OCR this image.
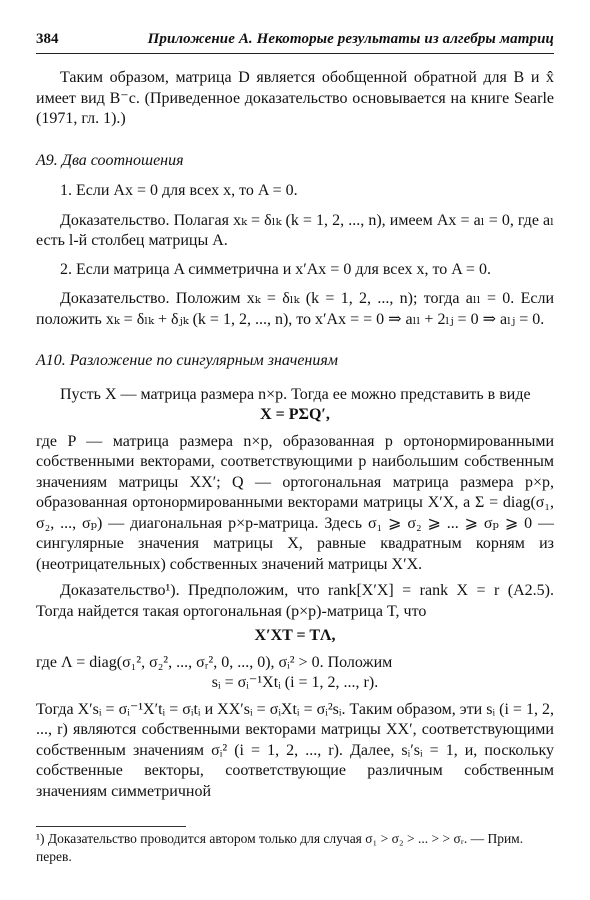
384	Приложение А. Некоторые результаты из алгебры матриц

Таким образом, матрица D является обобщенной обратной для B и x̂ имеет вид B⁻c. (Приведенное доказательство основывается на книге Searle (1971, гл. 1).)

A9. Два соотношения

1. Если Ax = 0 для всех x, то A = 0.

Доказательство. Полагая xₖ = δₗₖ (k = 1, 2, ..., n), имеем Ax = aₗ = 0, где aₗ есть l-й столбец матрицы A.

2. Если матрица A симметрична и x′Ax = 0 для всех x, то A = 0.

Доказательство. Положим xₖ = δₗₖ (k = 1, 2, ..., n); тогда aₗₗ = 0. Если положить xₖ = δₗₖ + δⱼₖ (k = 1, 2, ..., n), то x′Ax = = 0 ⇒ aₗₗ + 2ₗⱼ = 0 ⇒ aₗⱼ = 0.

A10. Разложение по сингулярным значениям

Пусть X — матрица размера n×p. Тогда ее можно представить в виде

X = PΣQ′,

где P — матрица размера n×p, образованная p ортонормированными собственными векторами, соответствующими p наибольшим собственным значениям матрицы XX′; Q — ортогональная матрица размера p×p, образованная ортонормированными векторами матрицы X′X, а Σ = diag(σ₁, σ₂, ..., σₚ) — диагональная p×p-матрица. Здесь σ₁ ⩾ σ₂ ⩾ ... ⩾ σₚ ⩾ 0 — сингулярные значения матрицы X, равные квадратным корням из (неотрицательных) собственных значений матрицы X′X.

Доказательство¹). Предположим, что rank[X′X] = rank X = r (A2.5). Тогда найдется такая ортогональная (p×p)-матрица T, что

X′XT = TΛ,

где Λ = diag(σ₁², σ₂², ..., σᵣ², 0, ..., 0), σᵢ² > 0. Положим

sᵢ = σᵢ⁻¹Xtᵢ (i = 1, 2, ..., r).

Тогда X′sᵢ = σᵢ⁻¹X′tᵢ = σᵢtᵢ и XX′sᵢ = σᵢXtᵢ = σᵢ²sᵢ. Таким образом, эти sᵢ (i = 1, 2, ..., r) являются собственными векторами матрицы XX′, соответствующими собственным значениям σᵢ² (i = 1, 2, ..., r). Далее, sᵢ′sᵢ = 1, и, поскольку собственные векторы, соответствующие различным собственным значениям симметричной

¹) Доказательство проводится автором только для случая σ₁ > σ₂ > ... > > σᵣ. — Прим. перев.
